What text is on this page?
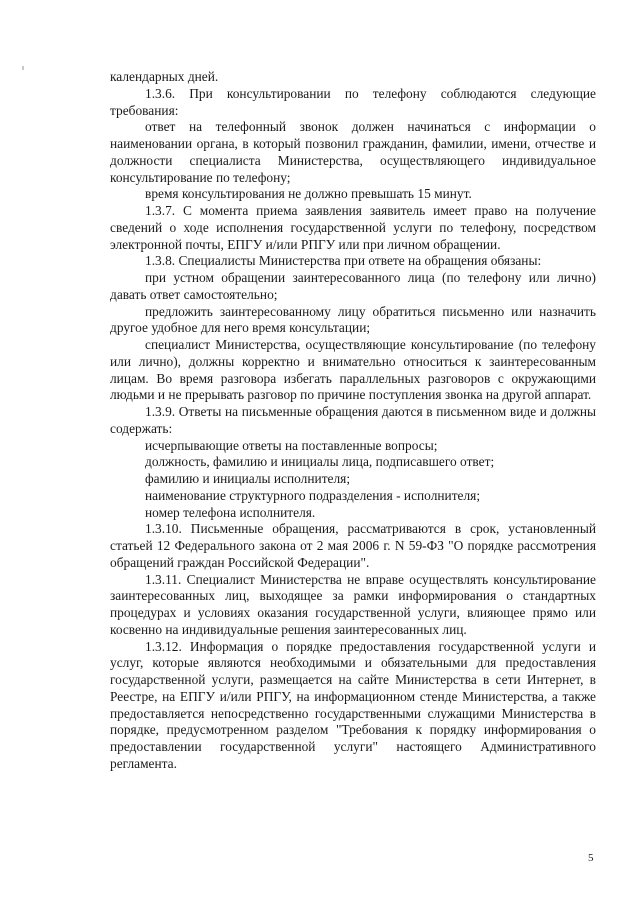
календарных дней.

1.3.6. При консультировании по телефону соблюдаются следующие требования:

ответ на телефонный звонок должен начинаться с информации о наименовании органа, в который позвонил гражданин, фамилии, имени, отчестве и должности специалиста Министерства, осуществляющего индивидуальное консультирование по телефону;

время консультирования не должно превышать 15 минут.

1.3.7. С момента приема заявления заявитель имеет право на получение сведений о ходе исполнения государственной услуги по телефону, посредством электронной почты, ЕПГУ и/или РПГУ или при личном обращении.

1.3.8. Специалисты Министерства при ответе на обращения обязаны:

при устном обращении заинтересованного лица (по телефону или лично) давать ответ самостоятельно;

предложить заинтересованному лицу обратиться письменно или назначить другое удобное для него время консультации;

специалист Министерства, осуществляющие консультирование (по телефону или лично), должны корректно и внимательно относиться к заинтересованным лицам. Во время разговора избегать параллельных разговоров с окружающими людьми и не прерывать разговор по причине поступления звонка на другой аппарат.

1.3.9. Ответы на письменные обращения даются в письменном виде и должны содержать:

исчерпывающие ответы на поставленные вопросы;

должность, фамилию и инициалы лица, подписавшего ответ;

фамилию и инициалы исполнителя;

наименование структурного подразделения - исполнителя;

номер телефона исполнителя.

1.3.10. Письменные обращения, рассматриваются в срок, установленный статьей 12 Федерального закона от 2 мая 2006 г. N 59-ФЗ "О порядке рассмотрения обращений граждан Российской Федерации".

1.3.11. Специалист Министерства не вправе осуществлять консультирование заинтересованных лиц, выходящее за рамки информирования о стандартных процедурах и условиях оказания государственной услуги, влияющее прямо или косвенно на индивидуальные решения заинтересованных лиц.

1.3.12. Информация о порядке предоставления государственной услуги и услуг, которые являются необходимыми и обязательными для предоставления государственной услуги, размещается на сайте Министерства в сети Интернет, в Реестре, на ЕПГУ и/или РПГУ, на информационном стенде Министерства, а также предоставляется непосредственно государственными служащими Министерства в порядке, предусмотренном разделом "Требования к порядку информирования о предоставлении государственной услуги" настоящего Административного регламента.

5
